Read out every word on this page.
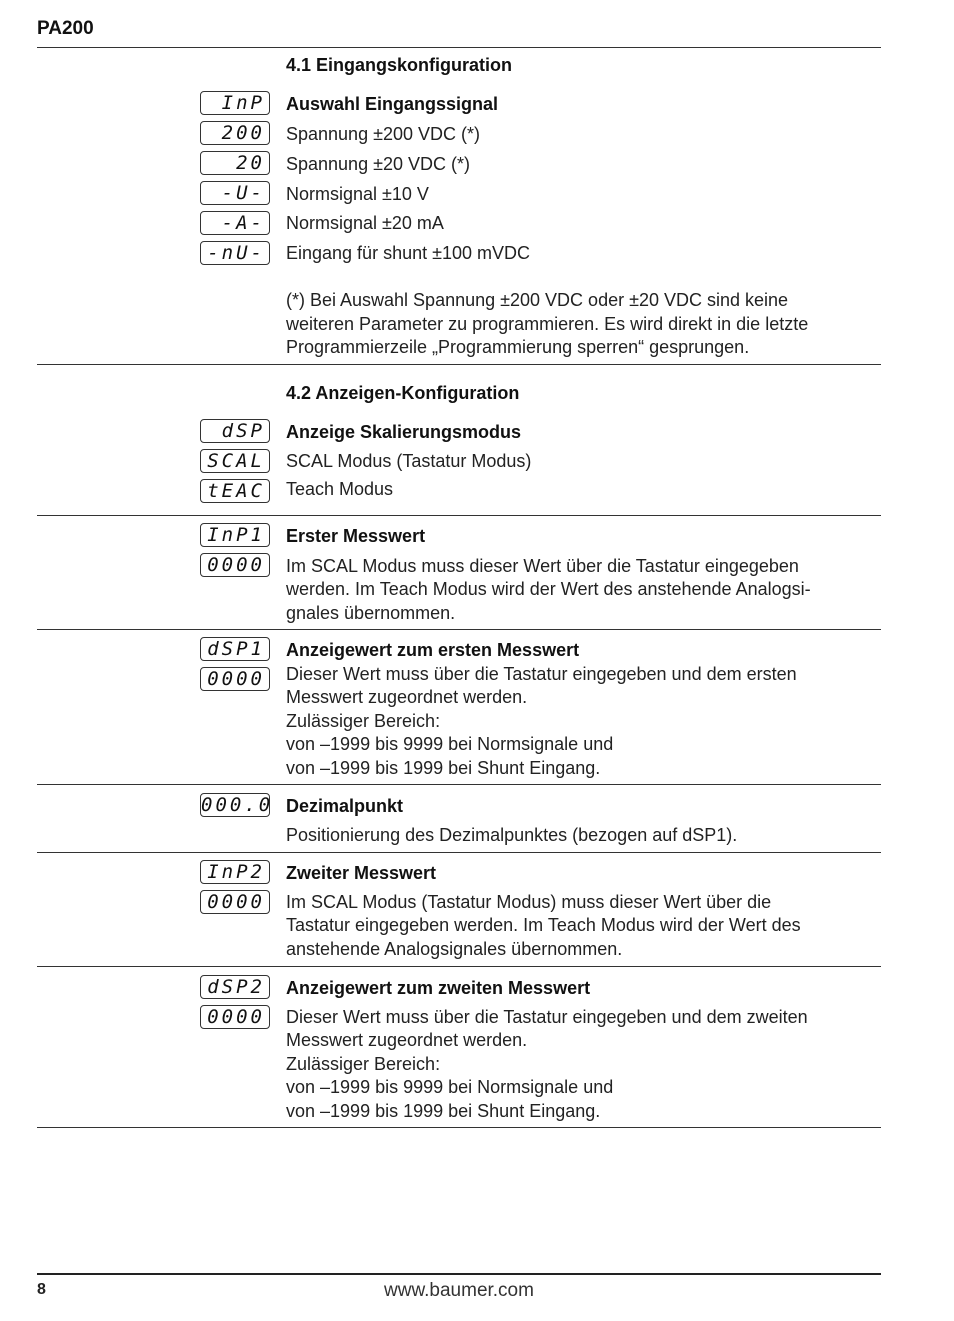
PA200
4.1 Eingangskonfiguration
InP Auswahl Eingangssignal
200 Spannung ±200 VDC (*)
20 Spannung ±20 VDC (*)
-U- Normsignal ±10 V
-A- Normsignal ±20 mA
-nU- Eingang für shunt ±100 mVDC
(*) Bei Auswahl Spannung ±200 VDC oder ±20 VDC sind keine
weiteren Parameter zu programmieren. Es wird direkt in die letzte
Programmierzeile „Programmierung sperren“ gesprungen.
4.2 Anzeigen-Konfiguration
dSP Anzeige Skalierungsmodus
SCAL SCAL Modus (Tastatur Modus)
tEAC Teach Modus
InP1
0000
Erster Messwert
Im SCAL Modus muss dieser Wert über die Tastatur eingegeben
werden. Im Teach Modus wird der Wert des anstehende Analogsi-
gnales übernommen.
dSP1
0000
Anzeigewert zum ersten Messwert
Dieser Wert muss über die Tastatur eingegeben und dem ersten
Messwert zugeordnet werden.
Zulässiger Bereich:
von –1999 bis 9999 bei Normsignale und
von –1999 bis 1999 bei Shunt Eingang.
000.0 Dezimalpunkt
Positionierung des Dezimalpunktes (bezogen auf dSP1).
InP2
0000
Zweiter Messwert
Im SCAL Modus (Tastatur Modus) muss dieser Wert über die
Tastatur eingegeben werden. Im Teach Modus wird der Wert des
anstehende Analogsignales übernommen.
dSP2
0000
Anzeigewert zum zweiten Messwert
Dieser Wert muss über die Tastatur eingegeben und dem zweiten
Messwert zugeordnet werden.
Zulässiger Bereich:
von –1999 bis 9999 bei Normsignale und
von –1999 bis 1999 bei Shunt Eingang.
8	www.baumer.com
